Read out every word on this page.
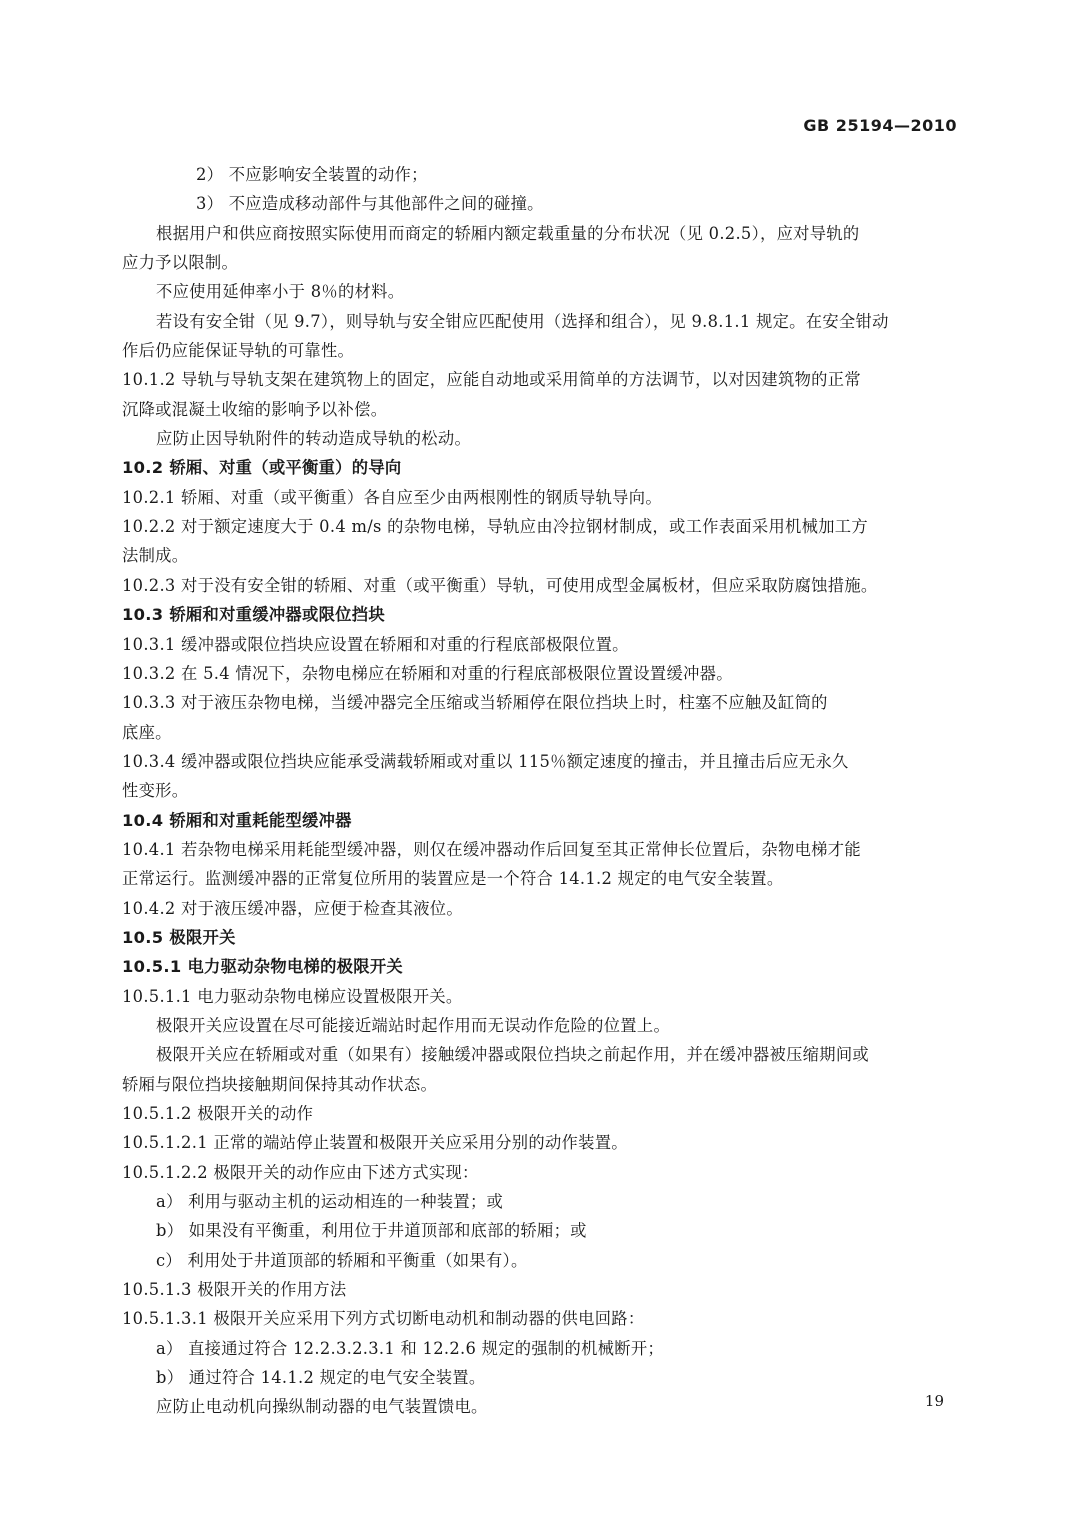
GB 25194—2010
2） 不应影响安全装置的动作；
3） 不应造成移动部件与其他部件之间的碰撞。
根据用户和供应商按照实际使用而商定的轿厢内额定载重量的分布状况（见 0.2.5），应对导轨的
应力予以限制。
不应使用延伸率小于 8％的材料。
若设有安全钳（见 9.7），则导轨与安全钳应匹配使用（选择和组合），见 9.8.1.1 规定。在安全钳动
作后仍应能保证导轨的可靠性。
10.1.2 导轨与导轨支架在建筑物上的固定，应能自动地或采用简单的方法调节，以对因建筑物的正常
沉降或混凝土收缩的影响予以补偿。
应防止因导轨附件的转动造成导轨的松动。
10.2 轿厢、对重（或平衡重）的导向
10.2.1 轿厢、对重（或平衡重）各自应至少由两根刚性的钢质导轨导向。
10.2.2 对于额定速度大于 0.4 m/s 的杂物电梯，导轨应由冷拉钢材制成，或工作表面采用机械加工方
法制成。
10.2.3 对于没有安全钳的轿厢、对重（或平衡重）导轨，可使用成型金属板材，但应采取防腐蚀措施。
10.3 轿厢和对重缓冲器或限位挡块
10.3.1 缓冲器或限位挡块应设置在轿厢和对重的行程底部极限位置。
10.3.2 在 5.4 情况下，杂物电梯应在轿厢和对重的行程底部极限位置设置缓冲器。
10.3.3 对于液压杂物电梯，当缓冲器完全压缩或当轿厢停在限位挡块上时，柱塞不应触及缸筒的
底座。
10.3.4 缓冲器或限位挡块应能承受满载轿厢或对重以 115％额定速度的撞击，并且撞击后应无永久
性变形。
10.4 轿厢和对重耗能型缓冲器
10.4.1 若杂物电梯采用耗能型缓冲器，则仅在缓冲器动作后回复至其正常伸长位置后，杂物电梯才能
正常运行。监测缓冲器的正常复位所用的装置应是一个符合 14.1.2 规定的电气安全装置。
10.4.2 对于液压缓冲器，应便于检查其液位。
10.5 极限开关
10.5.1 电力驱动杂物电梯的极限开关
10.5.1.1 电力驱动杂物电梯应设置极限开关。
极限开关应设置在尽可能接近端站时起作用而无误动作危险的位置上。
极限开关应在轿厢或对重（如果有）接触缓冲器或限位挡块之前起作用，并在缓冲器被压缩期间或
轿厢与限位挡块接触期间保持其动作状态。
10.5.1.2 极限开关的动作
10.5.1.2.1 正常的端站停止装置和极限开关应采用分别的动作装置。
10.5.1.2.2 极限开关的动作应由下述方式实现：
a） 利用与驱动主机的运动相连的一种装置；或
b） 如果没有平衡重，利用位于井道顶部和底部的轿厢；或
c） 利用处于井道顶部的轿厢和平衡重（如果有）。
10.5.1.3 极限开关的作用方法
10.5.1.3.1 极限开关应采用下列方式切断电动机和制动器的供电回路：
a） 直接通过符合 12.2.3.2.3.1 和 12.2.6 规定的强制的机械断开；
b） 通过符合 14.1.2 规定的电气安全装置。
应防止电动机向操纵制动器的电气装置馈电。	19
